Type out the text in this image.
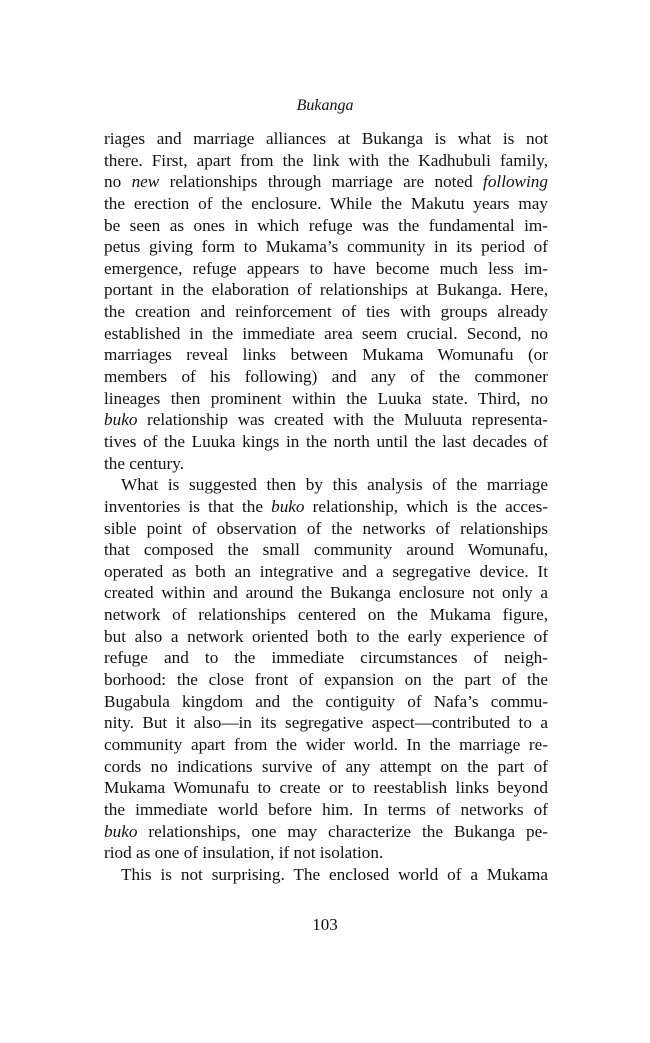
Bukanga
riages and marriage alliances at Bukanga is what is not
there. First, apart from the link with the Kadhubuli family,
no new relationships through marriage are noted following
the erection of the enclosure. While the Makutu years may
be seen as ones in which refuge was the fundamental im-
petus giving form to Mukama’s community in its period of
emergence, refuge appears to have become much less im-
portant in the elaboration of relationships at Bukanga. Here,
the creation and reinforcement of ties with groups already
established in the immediate area seem crucial. Second, no
marriages reveal links between Mukama Womunafu (or
members of his following) and any of the commoner
lineages then prominent within the Luuka state. Third, no
buko relationship was created with the Muluuta representa-
tives of the Luuka kings in the north until the last decades of
the century.
What is suggested then by this analysis of the marriage
inventories is that the buko relationship, which is the acces-
sible point of observation of the networks of relationships
that composed the small community around Womunafu,
operated as both an integrative and a segregative device. It
created within and around the Bukanga enclosure not only a
network of relationships centered on the Mukama figure,
but also a network oriented both to the early experience of
refuge and to the immediate circumstances of neigh-
borhood: the close front of expansion on the part of the
Bugabula kingdom and the contiguity of Nafa’s commu-
nity. But it also—in its segregative aspect—contributed to a
community apart from the wider world. In the marriage re-
cords no indications survive of any attempt on the part of
Mukama Womunafu to create or to reestablish links beyond
the immediate world before him. In terms of networks of
buko relationships, one may characterize the Bukanga pe-
riod as one of insulation, if not isolation.
This is not surprising. The enclosed world of a Mukama
103
